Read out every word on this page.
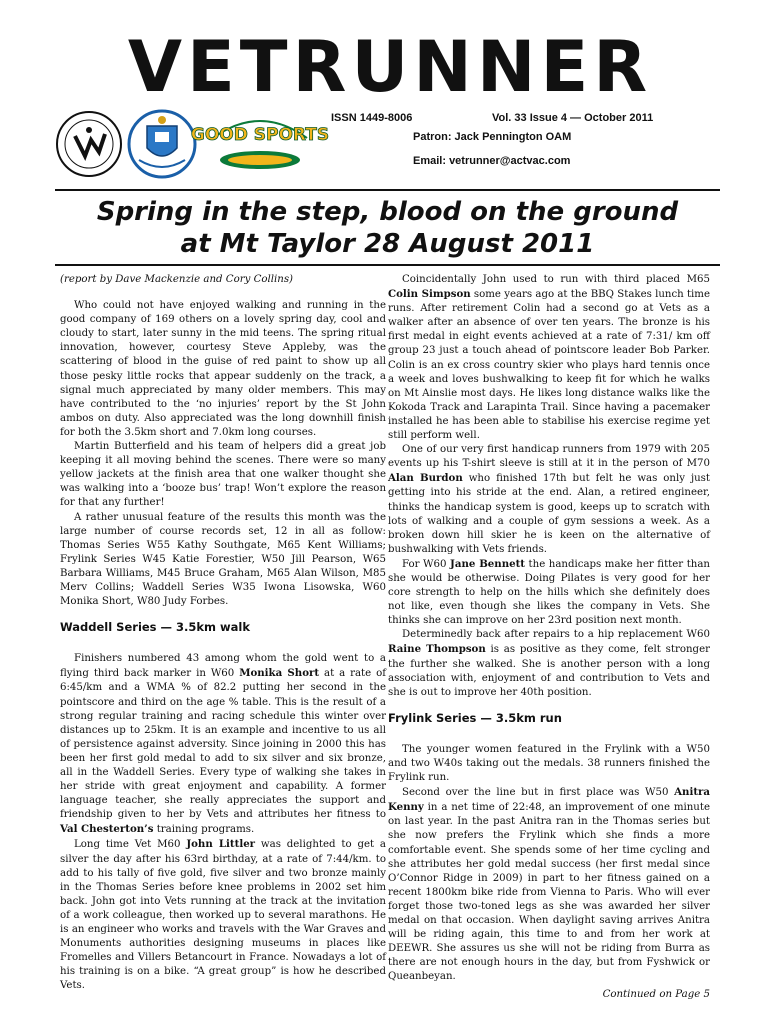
VETRUNNER
GOOD SPORTS
ISSN 1449-8006	Vol. 33 Issue 4 — October 2011
Patron: Jack Pennington OAM
Email: vetrunner@actvac.com
Spring in the step, blood on the ground
at Mt Taylor 28 August 2011

(report by Dave Mackenzie and Cory Collins)

Who could not have enjoyed walking and running in the good company of 169 others on a lovely spring day, cool and cloudy to start, later sunny in the mid teens. The spring ritual innovation, however, courtesy Steve Appleby, was the scattering of blood in the guise of red paint to show up all those pesky little rocks that appear suddenly on the track, a signal much appreciated by many older members. This may have contributed to the ‘no injuries’ report by the St John ambos on duty. Also appreciated was the long downhill finish for both the 3.5km short and 7.0km long courses.

Martin Butterfield and his team of helpers did a great job keeping it all moving behind the scenes. There were so many yellow jackets at the finish area that one walker thought she was walking into a ‘booze bus’ trap! Won’t explore the reason for that any further!

A rather unusual feature of the results this month was the large number of course records set, 12 in all as follow: Thomas Series W55 Kathy Southgate, M65 Kent Williams; Frylink Series W45 Katie Forestier, W50 Jill Pearson, W65 Barbara Williams, M45 Bruce Graham, M65 Alan Wilson, M85 Merv Collins; Waddell Series W35 Iwona Lisowska, W60 Monika Short, W80 Judy Forbes.

Waddell Series — 3.5km walk

Finishers numbered 43 among whom the gold went to a flying third back marker in W60 Monika Short at a rate of 6:45/km and a WMA % of 82.2 putting her second in the pointscore and third on the age % table. This is the result of a strong regular training and racing schedule this winter over distances up to 25km. It is an example and incentive to us all of persistence against adversity. Since joining in 2000 this has been her first gold medal to add to six silver and six bronze, all in the Waddell Series. Every type of walking she takes in her stride with great enjoyment and capability. A former language teacher, she really appreciates the support and friendship given to her by Vets and attributes her fitness to Val Chesterton’s training programs.

Long time Vet M60 John Littler was delighted to get a silver the day after his 63rd birthday, at a rate of 7:44/km. to add to his tally of five gold, five silver and two bronze mainly in the Thomas Series before knee problems in 2002 set him back. John got into Vets running at the track at the invitation of a work colleague, then worked up to several marathons. He is an engineer who works and travels with the War Graves and Monuments authorities designing museums in places like Fromelles and Villers Betancourt in France. Nowadays a lot of his training is on a bike. “A great group” is how he described Vets.

Coincidentally John used to run with third placed M65 Colin Simpson some years ago at the BBQ Stakes lunch time runs. After retirement Colin had a second go at Vets as a walker after an absence of over ten years. The bronze is his first medal in eight events achieved at a rate of 7:31/ km off group 23 just a touch ahead of pointscore leader Bob Parker. Colin is an ex cross country skier who plays hard tennis once a week and loves bushwalking to keep fit for which he walks on Mt Ainslie most days. He likes long distance walks like the Kokoda Track and Larapinta Trail. Since having a pacemaker installed he has been able to stabilise his exercise regime yet still perform well.

One of our very first handicap runners from 1979 with 205 events up his T-shirt sleeve is still at it in the person of M70 Alan Burdon who finished 17th but felt he was only just getting into his stride at the end. Alan, a retired engineer, thinks the handicap system is good, keeps up to scratch with lots of walking and a couple of gym sessions a week. As a broken down hill skier he is keen on the alternative of bushwalking with Vets friends.

For W60 Jane Bennett the handicaps make her fitter than she would be otherwise. Doing Pilates is very good for her core strength to help on the hills which she definitely does not like, even though she likes the company in Vets. She thinks she can improve on her 23rd position next month.

Determinedly back after repairs to a hip replacement W60 Raine Thompson is as positive as they come, felt stronger the further she walked. She is another person with a long association with, enjoyment of and contribution to Vets and she is out to improve her 40th position.

Frylink Series — 3.5km run

The younger women featured in the Frylink with a W50 and two W40s taking out the medals. 38 runners finished the Frylink run.

Second over the line but in first place was W50 Anitra Kenny in a net time of 22:48, an improvement of one minute on last year. In the past Anitra ran in the Thomas series but she now prefers the Frylink which she finds a more comfortable event. She spends some of her time cycling and she attributes her gold medal success (her first medal since O’Connor Ridge in 2009) in part to her fitness gained on a recent 1800km bike ride from Vienna to Paris. Who will ever forget those two-toned legs as she was awarded her silver medal on that occasion. When daylight saving arrives Anitra will be riding again, this time to and from her work at DEEWR. She assures us she will not be riding from Burra as there are not enough hours in the day, but from Fyshwick or Queanbeyan.

Continued on Page 5
